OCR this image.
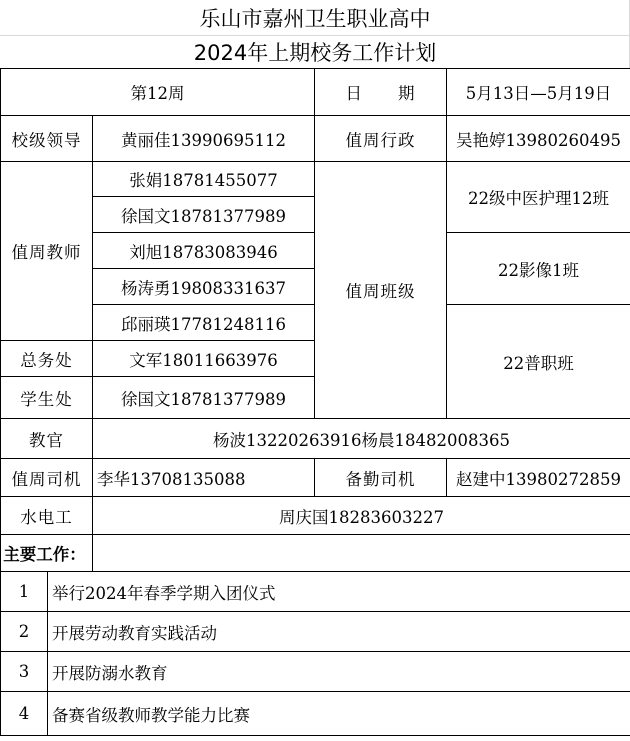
乐山市嘉州卫生职业高中
2024年上期校务工作计划
第12周			日　　期	5月13日—5月19日
校级领导		黄丽佳13990695112	值周行政	吴艳婷13980260495
值周教师		张娟18781455077	值周班级	22级中医护理12班
		徐国文18781377989		
		刘旭18783083946		22影像1班
		杨涛勇19808331637		
		邱丽瑛17781248116		22普职班
总务处		文军18011663976		
学生处		徐国文18781377989		
教官		杨波13220263916杨晨18482008365		
值周司机		李华13708135088	备勤司机	赵建中13980272859
水电工		周庆国18283603227		
主要工作：				
1	举行2024年春季学期入团仪式			
2	开展劳动教育实践活动			
3	开展防溺水教育			
4	备赛省级教师教学能力比赛			
